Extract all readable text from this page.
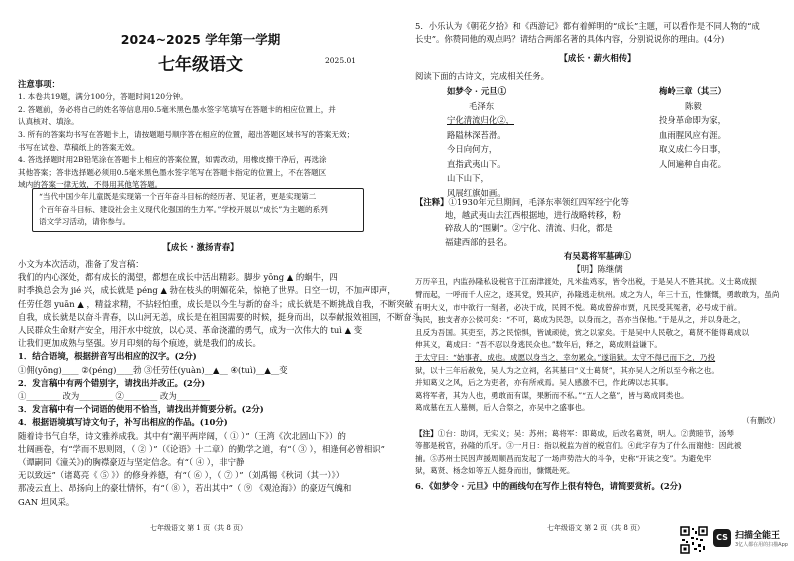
2024~2025 学年第一学期
七年级语文	2025.01
注意事项：
1. 本卷共19题，满分100分，答题时间120分钟。
2. 答题前，务必将自己的姓名等信息用0.5毫米黑色墨水签字笔填写在答题卡的相应位置上，并
认真核对、填涂。
3. 所有的答案均书写在答题卡上，请按题题号顺序答在相应的位置，超出答题区域书写的答案无效；
书写在试卷、草稿纸上的答案无效。
4. 答选择题时用2B铅笔涂在答题卡上相应的答案位置，如需改动，用橡皮擦干净后，再选涂
其他答案；答非选择题必须用0.5毫米黑色墨水签字笔写在答题卡指定的位置上，不在答题区
域内的答案一律无效，不得用其他笔答题。
“当代中国少年儿童既是实现第一个百年奋斗目标的经历者、见证者，更是实现第二
个百年奋斗目标、建设社会主义现代化强国的生力军。”学校开展以“成长”为主题的系列
语文学习活动，请你参与。
【成长 · 激扬青春】
小文为本次活动，准备了发言稿：
我们的内心深处，都有成长的渴望，都想在成长中活出精彩。脚步 yōng ▲ 的蜗牛，四
时季换总会为 jié 兴，成长就是 péng ▲ 勃在枝头的明媚花朵，惊艳了世界。日空一切，不加声即声，
任劳任怨 yuān ▲ ，精益求精，不拈轻怕重，成长是以今生与新的奋斗；成长就是不断挑战自我，不断突破
自我，成长就是以奋斗青春，以山河无恙，成长是在祖国需要的时候，挺身而出，以奉献报效祖国，不断奋斗，
人民群众生命财产安全，用汗水中绽放，以心灵、革命浇灌的勇气，成为一次伟大的 tuì ▲ 变
让我们更加成熟与坚强。岁月印刻的每个痕迹，就是我们的成长。
1．结合语境，根据拼音写出相应的汉字。(2分)
①佣(yōng)____ ②(péng)____勃 ③任劳任(yuàn)__▲__ ④(tuì)__▲__变
2．发言稿中有两个错别字，请找出并改正。(2分)
①________ 改为________ ②________ 改为________
3．发言稿中有一个词语的使用不恰当，请找出并简要分析。(2分)
4．根据语境填写诗文句子，补写出相应的作品。(10分)
随着诗书气自华，诗文雅养成我。其中有“潮平两岸阔，（ ① ）”（王湾《次北固山下》）的
壮阔画卷，有“学而不思则罔，（ ② ）”（《论语》十二章）的勤学之道，有“（ ③ ），相逢何必曾相识”
（谭嗣同《潼关》)的胸襟豪迈与坚定信念。有“（ ④ ），非宁静
无以致远”（诸葛亮《 ⑤ 》）的修身养德，有“（ ⑥ ），（ ⑦ ）”（刘禹锡《秋词（其一）》）
那凌云直上、昂扬向上的豪壮情怀，有“（ ⑧ ），若出其中”（ ⑨ 《观沧海》）的豪迈气魄和
GAN 坦风采。
七年级语文 第 1 页（共 8 页）
5．小乐认为《朝花夕拾》和《西游记》都有着鲜明的“成长”主题，可以看作是不同人物的“成
长史”。你赞同他的观点吗？请结合两部名著的具体内容，分别说说你的理由。(4分)
【成长 · 薪火相传】
阅读下面的古诗文，完成相关任务。
如梦令 · 元旦①
毛泽东
宁化清流归化②，
路隘林深苔滑。
今日向何方，
直指武夷山下。
山下山下，
风展红旗如画。
梅岭三章（其三）
陈毅
投身革命即为家，
血雨腥风应有涯。
取义成仁今日事，
人间遍种自由花。
【注释】①1930年元旦期间，毛泽东率领红四军经宁化等
地，越武夷山去江西根据地，进行战略转移，粉
碎敌人的“围剿”。②宁化、清流、归化，都是
福建西部的县名。
有吴葛将军墓碑①
【明】陈继儒
万历辛丑，内监孙隆私设税官于江南津渡处，凡米盐鸡豕，皆令出税，于是吴人不胜其扰。义士葛成振
臂而起，一呼而千人应之，逐其党，毁其庐，孙隆逃走杭州。成之为人，年三十五，性慷慨，勇敢敢为，虽尚
有明大义，市中欲行一刻者，必决于成，民罔不悦。葛成曾辞市贾，凡民受其冤者，必号成于前。
夫民，独支者亦公侯可矣：“不可，葛成为民怨，以身而之，吾亦当保他。”于是从之，并以身赴之，
且反为吾国。其吏至，苏之民惊惧，皆诚顽徒，赏之以家矣。于是吴中人民敬之，葛贤不能得葛成以
伸其义，葛成曰：“吾不忍以身逃民众也。”数年后，释之，葛成则益谦下。
于太守曰：“始事者，成也。成愿以身当之，幸勿累众。”遂诣狱。太守不得已而下之，乃投
狱，以十三年后赦免，吴人为之立祠，名其墓曰“义士葛贤”，其亦吴人之所以至今称之也。
并知葛义之风，后之为吏者，亦有所戒焉。吴人感激不已，作此碑以志其事。
葛将军者，其为人也，勇敢而有谋，果断而不私。”“五人之墓”，皆与葛成同类也。
葛成墓在五人墓侧，后人合祭之，亦吴中之盛事也。
（有删改）
【注】①台：助词，无实义；吴：苏州；葛将军：即葛成，后改名葛贤，明人。②黄睦节，汤琴
等都是税官，孙隆的爪牙。③一月日：指以税监为首的税官们。④此字存为了什么而谢他：因此被
捕。⑤苏州士民因声援周顺昌而发起了一场声势浩大的斗争，史称“开读之变”。为避免牢
狱，葛贤、杨念如等五人挺身而出，慷慨赴死。
6．《如梦令 · 元旦》中的画线句在写作上很有特色，请简要赏析。(2分)
七年级语文 第 2 页（共 8 页）
CS 扫描全能王
3亿人都在用的扫描App
